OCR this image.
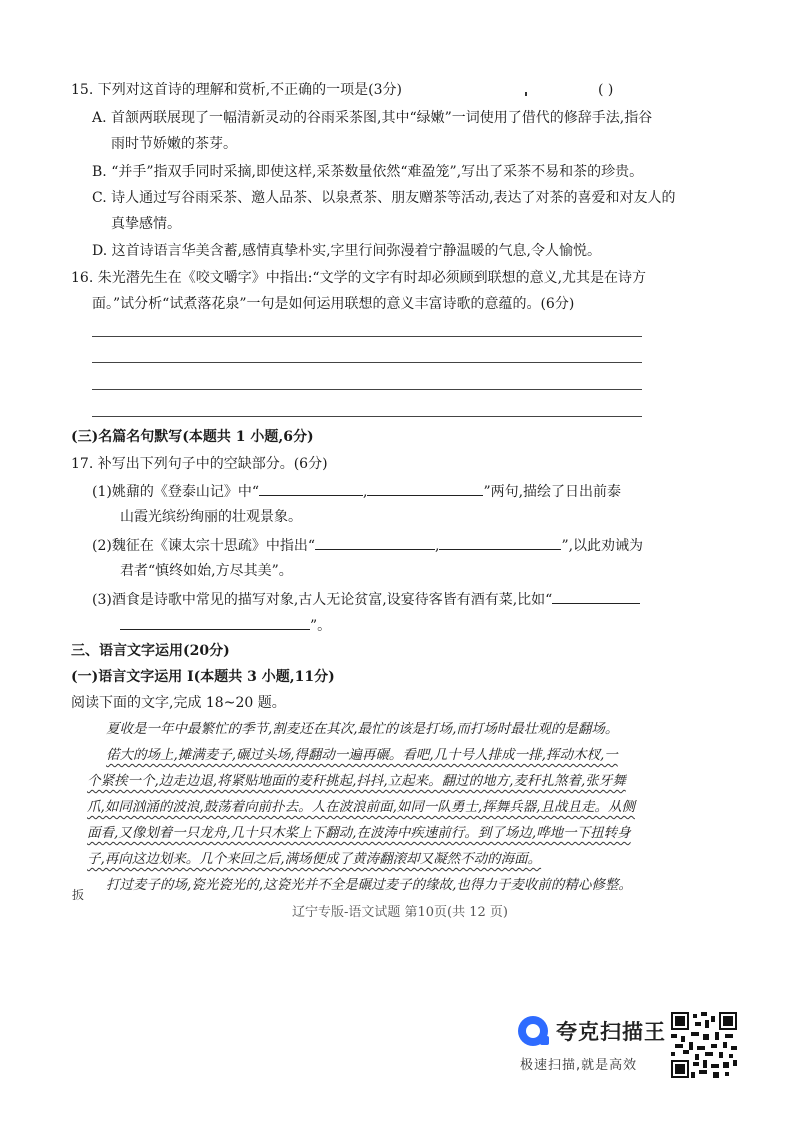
15. 下列对这首诗的理解和赏析,不正确的一项是(3分)	( )
A. 首颔两联展现了一幅清新灵动的谷雨采茶图,其中“绿嫩”一词使用了借代的修辞手法,指谷
雨时节娇嫩的茶芽。
B. “并手”指双手同时采摘,即使这样,采茶数量依然“难盈笼”,写出了采茶不易和茶的珍贵。
C. 诗人通过写谷雨采茶、邀人品茶、以泉煮茶、朋友赠茶等活动,表达了对茶的喜爱和对友人的
真挚感情。
D. 这首诗语言华美含蓄,感情真挚朴实,字里行间弥漫着宁静温暖的气息,令人愉悦。
16. 朱光潜先生在《咬文嚼字》中指出:“文学的文字有时却必须顾到联想的意义,尤其是在诗方
面。”试分析“试煮落花泉”一句是如何运用联想的意义丰富诗歌的意蕴的。(6分)
(三)名篇名句默写(本题共 1 小题,6分)
17. 补写出下列句子中的空缺部分。(6分)
(1)姚鼐的《登泰山记》中“	,	”两句,描绘了日出前泰
山霞光缤纷绚丽的壮观景象。
(2)魏征在《谏太宗十思疏》中指出“	,	”,以此劝诫为
君者“慎终如始,方尽其美”。
(3)酒食是诗歌中常见的描写对象,古人无论贫富,设宴待客皆有酒有菜,比如“
”。
三、语言文字运用(20分)
(一)语言文字运用 Ⅰ(本题共 3 小题,11分)
阅读下面的文字,完成 18~20 题。
夏收是一年中最繁忙的季节,割麦还在其次,最忙的该是打场,而打场时最壮观的是翻场。
偌大的场上,摊满麦子,碾过头场,得翻动一遍再碾。看吧,几十号人排成一排,挥动木杈,一
个紧挨一个,边走边退,将紧贴地面的麦秆挑起,抖抖,立起来。翻过的地方,麦秆扎煞着,张牙舞
爪,如同汹涌的波浪,鼓荡着向前扑去。人在波浪前面,如同一队勇士,挥舞兵器,且战且走。从侧
面看,又像划着一只龙舟,几十只木桨上下翻动,在波涛中疾速前行。到了场边,哗地一下扭转身
子,再向这边划来。几个来回之后,满场便成了黄涛翻滚却又凝然不动的海面。
打过麦子的场,瓷光瓷光的,这瓷光并不全是碾过麦子的缘故,也得力于麦收前的精心修整。
扳
辽宁专版-语文试题 第10页(共 12 页)
夸克扫描王
极速扫描,就是高效
